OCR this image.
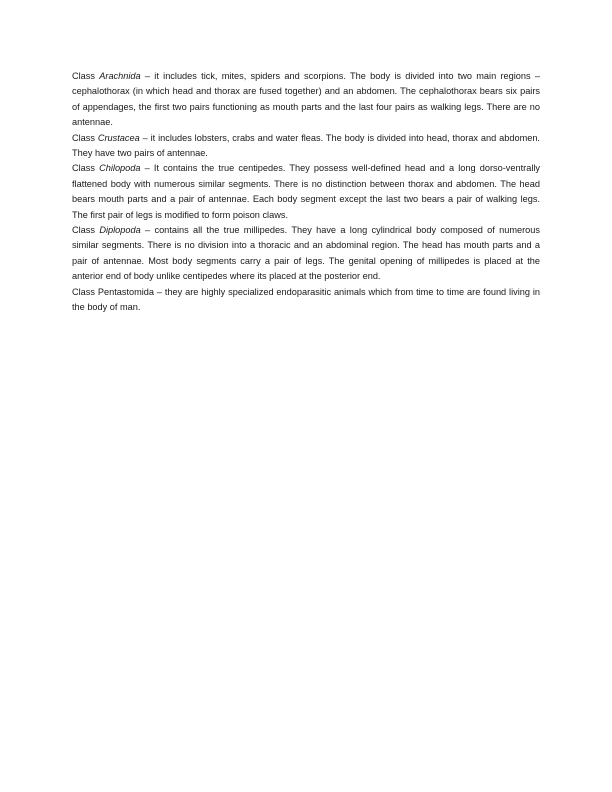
Class Arachnida – it includes tick, mites, spiders and scorpions. The body is divided into two main regions – cephalothorax (in which head and thorax are fused together) and an abdomen. The cephalothorax bears six pairs of appendages, the first two pairs functioning as mouth parts and the last four pairs as walking legs. There are no antennae.

Class Crustacea – it includes lobsters, crabs and water fleas. The body is divided into head, thorax and abdomen. They have two pairs of antennae.

Class Chilopoda – It contains the true centipedes. They possess well-defined head and a long dorso-ventrally flattened body with numerous similar segments. There is no distinction between thorax and abdomen. The head bears mouth parts and a pair of antennae. Each body segment except the last two bears a pair of walking legs. The first pair of legs is modified to form poison claws.

Class Diplopoda – contains all the true millipedes. They have a long cylindrical body composed of numerous similar segments. There is no division into a thoracic and an abdominal region. The head has mouth parts and a pair of antennae. Most body segments carry a pair of legs. The genital opening of millipedes is placed at the anterior end of body unlike centipedes where its placed at the posterior end.

Class Pentastomida – they are highly specialized endoparasitic animals which from time to time are found living in the body of man.
